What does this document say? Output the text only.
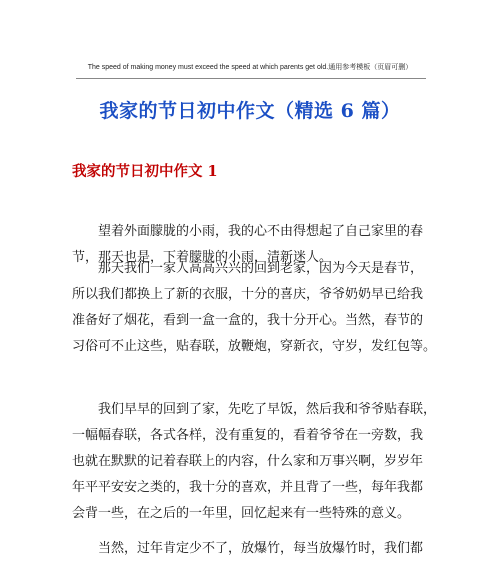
The speed of making money must exceed the speed at which parents get old.通用参考模板（页眉可删）
我家的节日初中作文（精选 6 篇）
我家的节日初中作文 1
望着外面朦胧的小雨，我的心不由得想起了自己家里的春
节，那天也是，下着朦胧的小雨，清新迷人。
那天我们一家人高高兴兴的回到老家，因为今天是春节，
所以我们都换上了新的衣服，十分的喜庆，爷爷奶奶早已给我
准备好了烟花，看到一盒一盒的，我十分开心。当然，春节的
习俗可不止这些，贴春联，放鞭炮，穿新衣，守岁，发红包等。
我们早早的回到了家，先吃了早饭，然后我和爷爷贴春联，
一幅幅春联，各式各样，没有重复的，看着爷爷在一旁数，我
也就在默默的记着春联上的内容，什么家和万事兴啊，岁岁年
年平平安安之类的，我十分的喜欢，并且背了一些，每年我都
会背一些，在之后的一年里，回忆起来有一些特殊的意义。
当然，过年肯定少不了，放爆竹，每当放爆竹时，我们都
